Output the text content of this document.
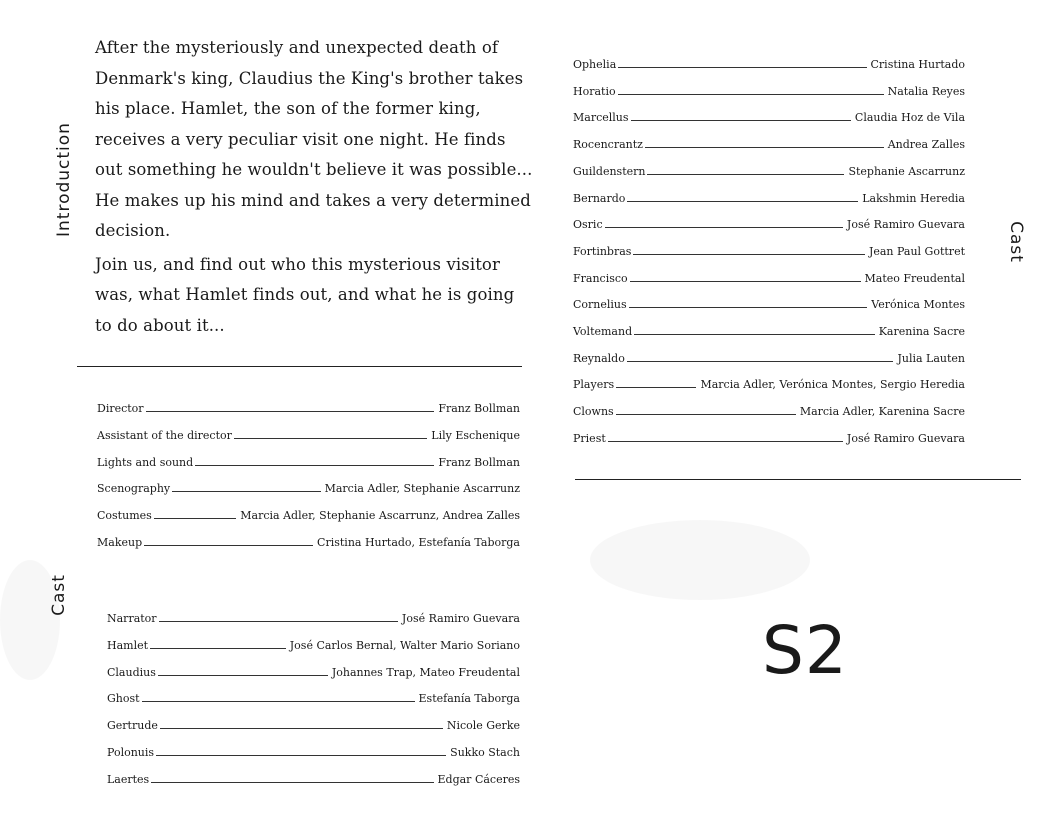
Introduction

After the mysteriously and unexpected death of Denmark's king, Claudius the King's brother takes his place. Hamlet, the son of the former king, receives a very peculiar visit one night. He finds out something he wouldn't believe it was possible... He makes up his mind and takes a very determined decision.

Join us, and find out who this mysterious visitor was, what Hamlet finds out, and what he is going to do about it...

Director	Franz Bollman
Assistant of the director	Lily Eschenique
Lights and sound	Franz Bollman
Scenography	Marcia Adler, Stephanie Ascarrunz
Costumes	Marcia Adler, Stephanie Ascarrunz, Andrea Zalles
Makeup	Cristina Hurtado, Estefanía Taborga
Cast
Narrator	José Ramiro Guevara
Hamlet	José Carlos Bernal, Walter Mario Soriano
Claudius	Johannes Trap, Mateo Freudental
Ghost	Estefanía Taborga
Gertrude	Nicole Gerke
Polonuis	Sukko Stach
Laertes	Edgar Cáceres
Ophelia	Cristina Hurtado
Horatio	Natalia Reyes
Marcellus	Claudia Hoz de Vila
Rocencrantz	Andrea Zalles
Guildenstern	Stephanie Ascarrunz
Bernardo	Lakshmin Heredia
Osric	José Ramiro Guevara
Fortinbras	Jean Paul Gottret
Francisco	Mateo Freudental
Cornelius	Verónica Montes
Voltemand	Karenina Sacre
Reynaldo	Julia Lauten
Players	Marcia Adler, Verónica Montes, Sergio Heredia
Clowns	Marcia Adler, Karenina Sacre
Priest	José Ramiro Guevara
Cast
S2
